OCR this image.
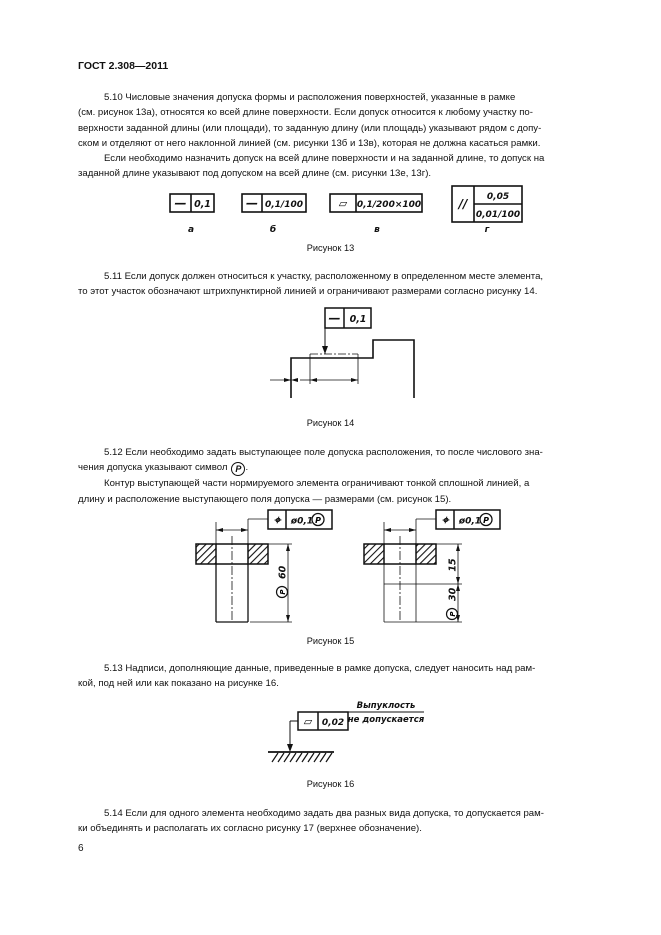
ГОСТ 2.308—2011
5.10 Числовые значения допуска формы и расположения поверхностей, указанные в рамке
(см. рисунок 13а), относятся ко всей длине поверхности. Если допуск относится к любому участку по-
верхности заданной длины (или площади), то заданную длину (или площадь) указывают рядом с допу-
ском и отделяют от него наклонной линией (см. рисунки 13б и 13в), которая не должна касаться рамки.
Если необходимо назначить допуск на всей длине поверхности и на заданной длине, то допуск на
заданной длине указывают под допуском на всей длине (см. рисунки 13е, 13г).
— 0,1	— 0,1/100	▱ 0,1/200×100	// 0,05
0,01/100
а	б	в	г
Рисунок 13
5.11 Если допуск должен относиться к участку, расположенному в определенном месте элемента,
то этот участок обозначают штрихпунктирной линией и ограничивают размерами согласно рисунку 14.
— 0,1
Рисунок 14
5.12 Если необходимо задать выступающее поле допуска расположения, то после числового зна-
чения допуска указывают символ P .
Контур выступающей части нормируемого элемента ограничивают тонкой сплошной линией, а
длину и расположение выступающего поля допуска — размерами (см. рисунок 15).
⌖ ø0,1 P
P
60
⌖ ø0,1 P
P
30
15
Рисунок 15
5.13 Надписи, дополняющие данные, приведенные в рамке допуска, следует наносить над рам-
кой, под ней или как показано на рисунке 16.
▱ 0,02
Выпуклость
не допускается
Рисунок 16
5.14 Если для одного элемента необходимо задать два разных вида допуска, то допускается рам-
ки объединять и располагать их согласно рисунку 17 (верхнее обозначение).
6
